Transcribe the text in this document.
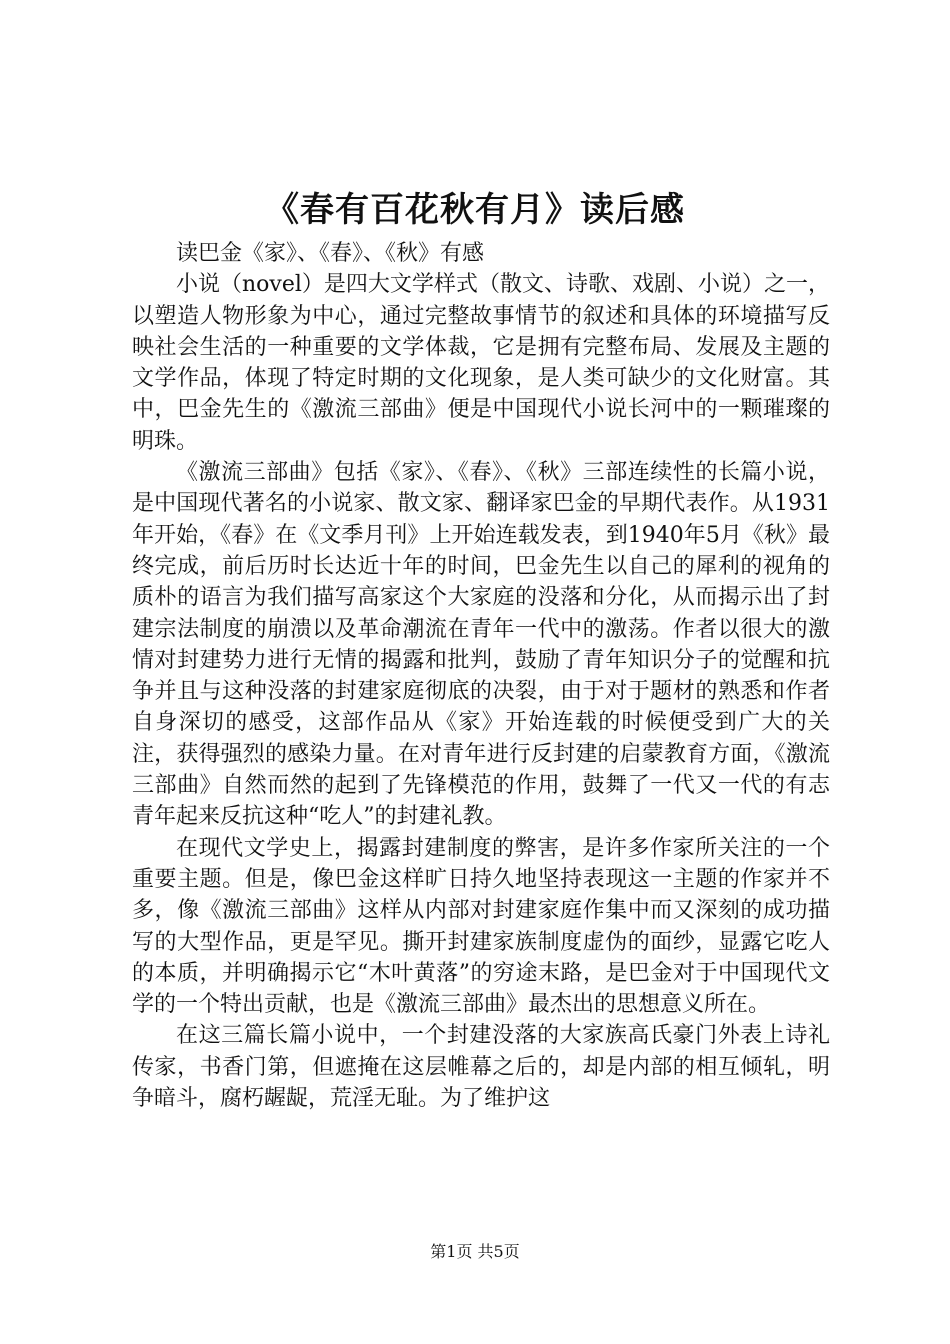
《春有百花秋有月》读后感

读巴金《家》、《春》、《秋》有感

小说（novel）是四大文学样式（散文、诗歌、戏剧、小说）之一，以塑造人物形象为中心，通过完整故事情节的叙述和具体的环境描写反映社会生活的一种重要的文学体裁，它是拥有完整布局、发展及主题的文学作品，体现了特定时期的文化现象，是人类可缺少的文化财富。其中，巴金先生的《激流三部曲》便是中国现代小说长河中的一颗璀璨的明珠。

《激流三部曲》包括《家》、《春》、《秋》三部连续性的长篇小说，是中国现代著名的小说家、散文家、翻译家巴金的早期代表作。从1931年开始，《春》在《文季月刊》上开始连载发表，到1940年5月《秋》最终完成，前后历时长达近十年的时间，巴金先生以自己的犀利的视角的质朴的语言为我们描写高家这个大家庭的没落和分化，从而揭示出了封建宗法制度的崩溃以及革命潮流在青年一代中的激荡。作者以很大的激情对封建势力进行无情的揭露和批判，鼓励了青年知识分子的觉醒和抗争并且与这种没落的封建家庭彻底的决裂，由于对于题材的熟悉和作者自身深切的感受，这部作品从《家》开始连载的时候便受到广大的关注，获得强烈的感染力量。在对青年进行反封建的启蒙教育方面，《激流三部曲》自然而然的起到了先锋模范的作用，鼓舞了一代又一代的有志青年起来反抗这种“吃人”的封建礼教。

在现代文学史上，揭露封建制度的弊害，是许多作家所关注的一个重要主题。但是，像巴金这样旷日持久地坚持表现这一主题的作家并不多，像《激流三部曲》这样从内部对封建家庭作集中而又深刻的成功描写的大型作品，更是罕见。撕开封建家族制度虚伪的面纱，显露它吃人的本质，并明确揭示它“木叶黄落”的穷途末路，是巴金对于中国现代文学的一个特出贡献，也是《激流三部曲》最杰出的思想意义所在。

在这三篇长篇小说中，一个封建没落的大家族高氏豪门外表上诗礼传家，书香门第，但遮掩在这层帷幕之后的，却是内部的相互倾轧，明争暗斗，腐朽龌龊，荒淫无耻。为了维护这

第1页 共5页
